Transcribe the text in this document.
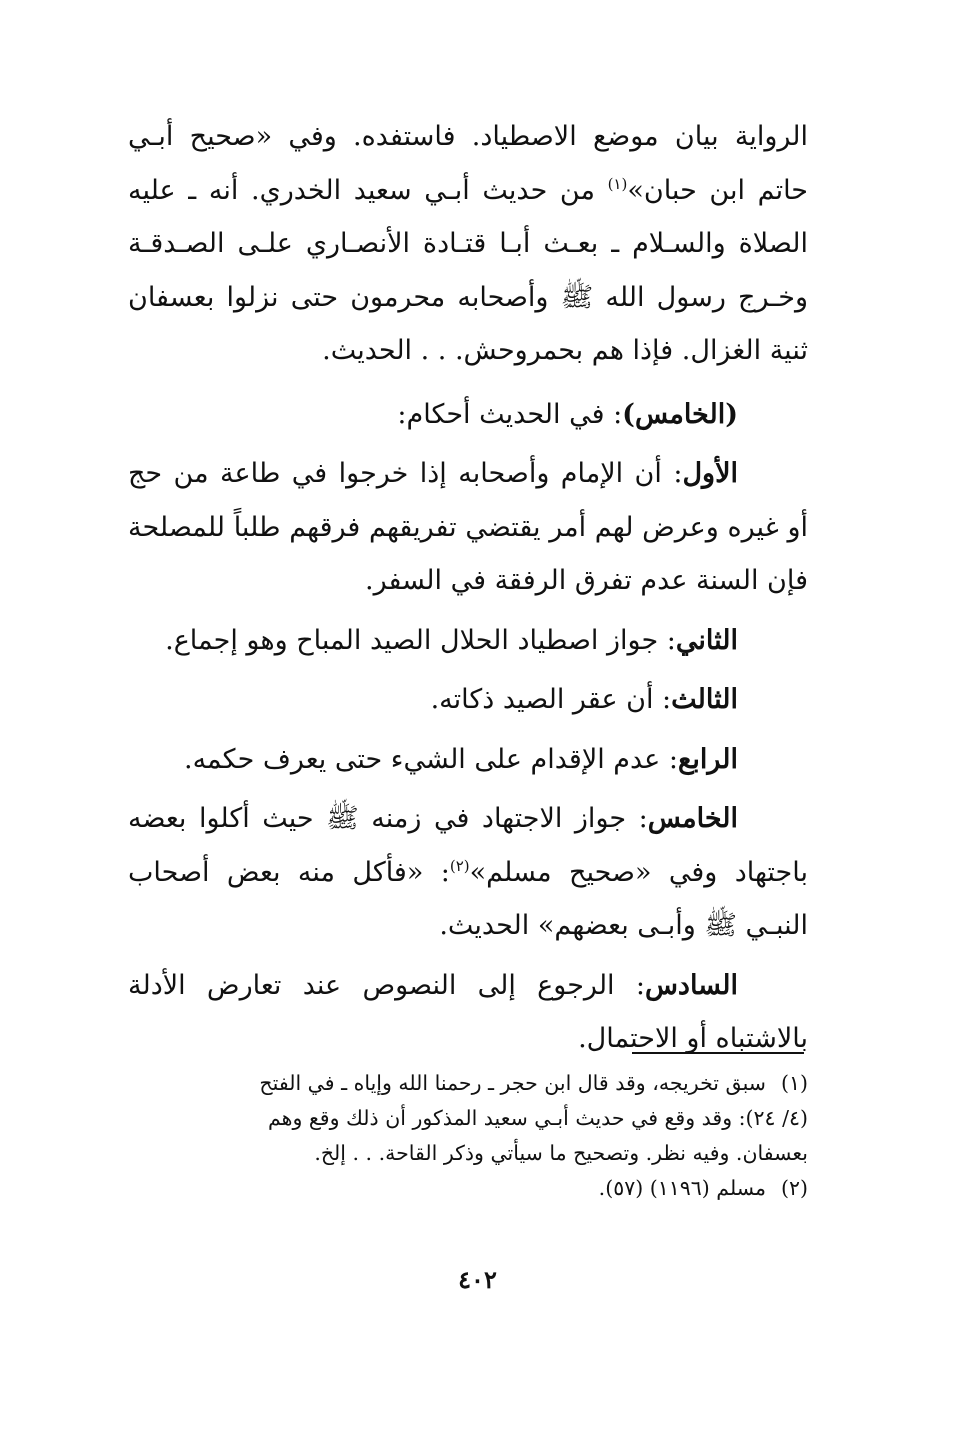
الرواية بيان موضع الاصطياد. فاستفده. وفي «صحيح أبـي حاتم ابن حبان»$^{(١)}$ من حديث أبـي سعيد الخدري. أنه ـ عليه الصلاة والسـلام ـ بعـث أبـا قتـادة الأنصـاري علـى الصـدقـة وخـرج رسول الله ﷺ وأصحابه محرمون حتى نزلوا بعسفان ثنية الغزال. فإذا هم بحمروحش. . . الحديث.

(الخامس): في الحديث أحكام:

الأول: أن الإمام وأصحابه إذا خرجوا في طاعة من حج أو غيره وعرض لهم أمر يقتضي تفريقهم فرقهم طلباً للمصلحة فإن السنة عدم تفرق الرفقة في السفر.

الثاني: جواز اصطياد الحلال الصيد المباح وهو إجماع.

الثالث: أن عقر الصيد ذكاته.

الرابع: عدم الإقدام على الشيء حتى يعرف حكمه.

الخامس: جواز الاجتهاد في زمنه ﷺ حيث أكلوا بعضه باجتهاد وفي «صحيح مسلم»$^{(٢)}$: «فأكل منه بعض أصحاب النبـي ﷺ وأبـى بعضهم» الحديث.

السادس: الرجوع إلى النصوص عند تعارض الأدلة بالاشتباه أو الاحتمال.

(١)سبق تخريجه، وقد قال ابن حجر ـ رحمنا الله وإياه ـ في الفتح

(٤/ ٢٤): وقد وقع في حديث أبـي سعيد المذكور أن ذلك وقع وهم

بعسفان. وفيه نظر. وتصحيح ما سيأتي وذكر القاحة. . . إلخ.

(٢)مسلم (١١٩٦) (٥٧).

٤٠٢
